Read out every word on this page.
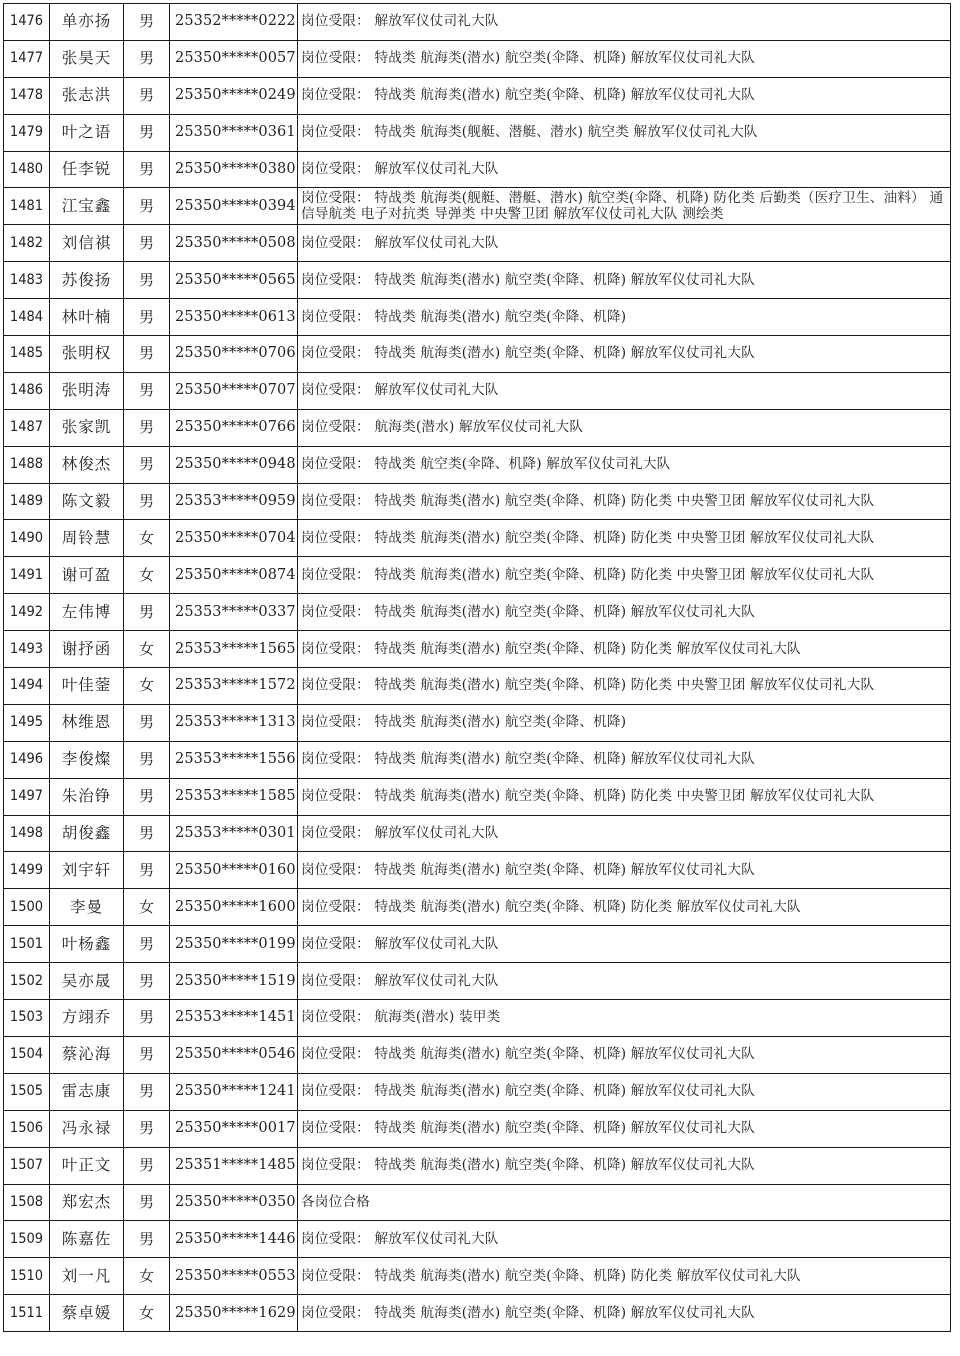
1476	单亦扬	男	25352*****0222	岗位受限： 解放军仪仗司礼大队
1477	张昊天	男	25350*****0057	岗位受限： 特战类 航海类(潜水) 航空类(伞降、机降) 解放军仪仗司礼大队
1478	张志洪	男	25350*****0249	岗位受限： 特战类 航海类(潜水) 航空类(伞降、机降) 解放军仪仗司礼大队
1479	叶之语	男	25350*****0361	岗位受限： 特战类 航海类(舰艇、潜艇、潜水) 航空类 解放军仪仗司礼大队
1480	任李锐	男	25350*****0380	岗位受限： 解放军仪仗司礼大队
1481	江宝鑫	男	25350*****0394	岗位受限： 特战类 航海类(舰艇、潜艇、潜水) 航空类(伞降、机降) 防化类 后勤类（医疗卫生、油料） 通信导航类 电子对抗类 导弹类 中央警卫团 解放军仪仗司礼大队 测绘类
1482	刘信祺	男	25350*****0508	岗位受限： 解放军仪仗司礼大队
1483	苏俊扬	男	25350*****0565	岗位受限： 特战类 航海类(潜水) 航空类(伞降、机降) 解放军仪仗司礼大队
1484	林叶楠	男	25350*****0613	岗位受限： 特战类 航海类(潜水) 航空类(伞降、机降)
1485	张明权	男	25350*****0706	岗位受限： 特战类 航海类(潜水) 航空类(伞降、机降) 解放军仪仗司礼大队
1486	张明涛	男	25350*****0707	岗位受限： 解放军仪仗司礼大队
1487	张家凯	男	25350*****0766	岗位受限： 航海类(潜水) 解放军仪仗司礼大队
1488	林俊杰	男	25350*****0948	岗位受限： 特战类 航空类(伞降、机降) 解放军仪仗司礼大队
1489	陈文毅	男	25353*****0959	岗位受限： 特战类 航海类(潜水) 航空类(伞降、机降) 防化类 中央警卫团 解放军仪仗司礼大队
1490	周铃慧	女	25350*****0704	岗位受限： 特战类 航海类(潜水) 航空类(伞降、机降) 防化类 中央警卫团 解放军仪仗司礼大队
1491	谢可盈	女	25350*****0874	岗位受限： 特战类 航海类(潜水) 航空类(伞降、机降) 防化类 中央警卫团 解放军仪仗司礼大队
1492	左伟博	男	25353*****0337	岗位受限： 特战类 航海类(潜水) 航空类(伞降、机降) 解放军仪仗司礼大队
1493	谢抒函	女	25353*****1565	岗位受限： 特战类 航海类(潜水) 航空类(伞降、机降) 防化类 解放军仪仗司礼大队
1494	叶佳蓥	女	25353*****1572	岗位受限： 特战类 航海类(潜水) 航空类(伞降、机降) 防化类 中央警卫团 解放军仪仗司礼大队
1495	林维恩	男	25353*****1313	岗位受限： 特战类 航海类(潜水) 航空类(伞降、机降)
1496	李俊燦	男	25353*****1556	岗位受限： 特战类 航海类(潜水) 航空类(伞降、机降) 解放军仪仗司礼大队
1497	朱治铮	男	25353*****1585	岗位受限： 特战类 航海类(潜水) 航空类(伞降、机降) 防化类 中央警卫团 解放军仪仗司礼大队
1498	胡俊鑫	男	25353*****0301	岗位受限： 解放军仪仗司礼大队
1499	刘宇轩	男	25350*****0160	岗位受限： 特战类 航海类(潜水) 航空类(伞降、机降) 解放军仪仗司礼大队
1500	李曼	女	25350*****1600	岗位受限： 特战类 航海类(潜水) 航空类(伞降、机降) 防化类 解放军仪仗司礼大队
1501	叶杨鑫	男	25350*****0199	岗位受限： 解放军仪仗司礼大队
1502	吴亦晟	男	25350*****1519	岗位受限： 解放军仪仗司礼大队
1503	方翊乔	男	25353*****1451	岗位受限： 航海类(潜水) 装甲类
1504	蔡沁海	男	25350*****0546	岗位受限： 特战类 航海类(潜水) 航空类(伞降、机降) 解放军仪仗司礼大队
1505	雷志康	男	25350*****1241	岗位受限： 特战类 航海类(潜水) 航空类(伞降、机降) 解放军仪仗司礼大队
1506	冯永禄	男	25350*****0017	岗位受限： 特战类 航海类(潜水) 航空类(伞降、机降) 解放军仪仗司礼大队
1507	叶正文	男	25351*****1485	岗位受限： 特战类 航海类(潜水) 航空类(伞降、机降) 解放军仪仗司礼大队
1508	郑宏杰	男	25350*****0350	各岗位合格
1509	陈嘉佐	男	25350*****1446	岗位受限： 解放军仪仗司礼大队
1510	刘一凡	女	25350*****0553	岗位受限： 特战类 航海类(潜水) 航空类(伞降、机降) 防化类 解放军仪仗司礼大队
1511	蔡卓媛	女	25350*****1629	岗位受限： 特战类 航海类(潜水) 航空类(伞降、机降) 解放军仪仗司礼大队
